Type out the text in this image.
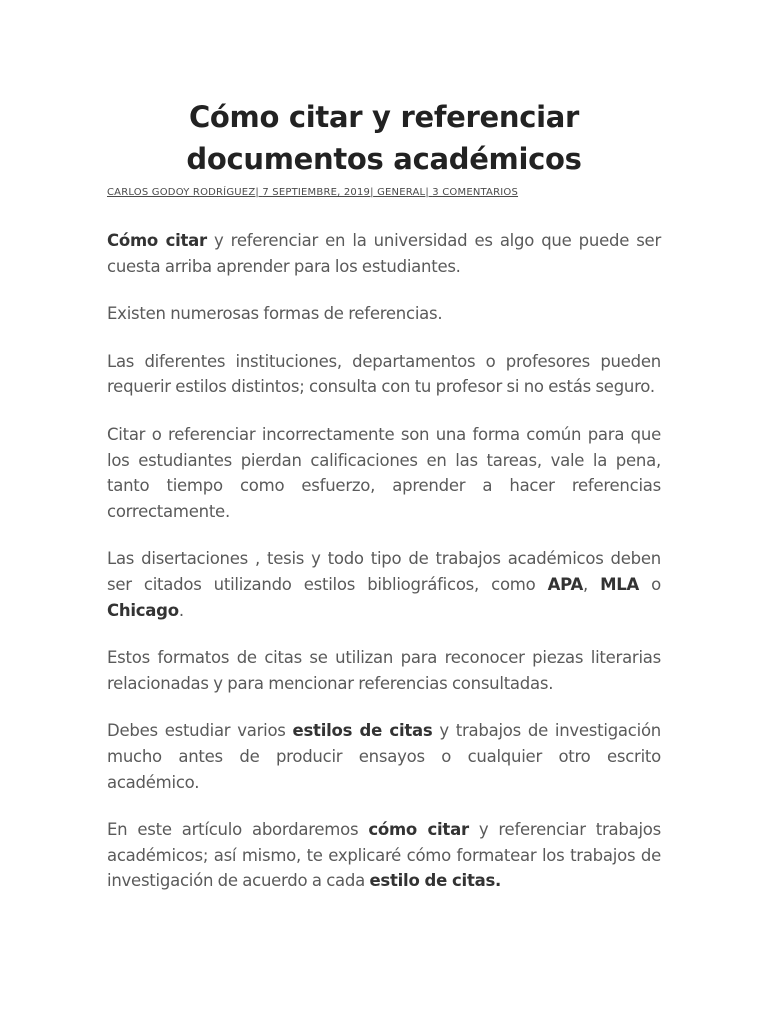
Cómo citar y referenciar documentos académicos
CARLOS GODOY RODRÍGUEZ| 7 SEPTIEMBRE, 2019| GENERAL| 3 COMENTARIOS

Cómo citar y referenciar en la universidad es algo que puede ser cuesta arriba aprender para los estudiantes.

Existen numerosas formas de referencias.

Las diferentes instituciones, departamentos o profesores pueden requerir estilos distintos; consulta con tu profesor si no estás seguro.

Citar o referenciar incorrectamente son una forma común para que los estudiantes pierdan calificaciones en las tareas, vale la pena, tanto tiempo como esfuerzo, aprender a hacer referencias correctamente.

Las disertaciones , tesis y todo tipo de trabajos académicos deben ser citados utilizando estilos bibliográficos, como APA, MLA o Chicago.

Estos formatos de citas se utilizan para reconocer piezas literarias relacionadas y para mencionar referencias consultadas.

Debes estudiar varios estilos de citas y trabajos de investigación mucho antes de producir ensayos o cualquier otro escrito académico.

En este artículo abordaremos cómo citar y referenciar trabajos académicos; así mismo, te explicaré cómo formatear los trabajos de investigación de acuerdo a cada estilo de citas.
